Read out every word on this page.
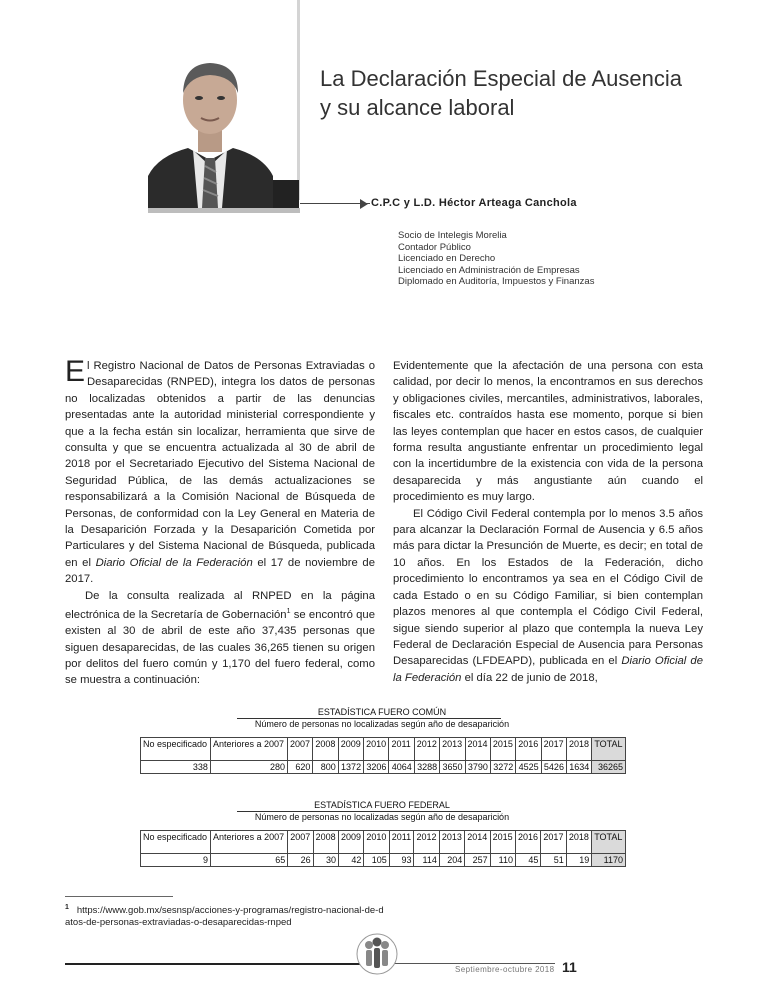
La Declaración Especial de Ausencia
y su alcance laboral
C.P.C y L.D. Héctor Arteaga Canchola
Socio de Intelegis Morelia
Contador Público
Licenciado en Derecho
Licenciado en Administración de Empresas
Diplomado en Auditoría, Impuestos y Finanzas

El Registro Nacional de Datos de Personas Extraviadas o Desaparecidas (RNPED), integra los datos de personas no localizadas obtenidos a partir de las denuncias presentadas ante la autoridad ministerial correspondiente y que a la fecha están sin localizar, herramienta que sirve de consulta y que se encuentra actualizada al 30 de abril de 2018 por el Secretariado Ejecutivo del Sistema Nacional de Seguridad Pública, de las demás actualizaciones se responsabilizará a la Comisión Nacional de Búsqueda de Personas, de conformidad con la Ley General en Materia de la Desaparición Forzada y la Desaparición Cometida por Particulares y del Sistema Nacional de Búsqueda, publicada en el Diario Oficial de la Federación el 17 de noviembre de 2017.

De la consulta realizada al RNPED en la página electrónica de la Secretaría de Gobernación$^1$ se encontró que existen al 30 de abril de este año 37,435 personas que siguen desaparecidas, de las cuales 36,265 tienen su origen por delitos del fuero común y 1,170 del fuero federal, como se muestra a continuación:

Evidentemente que la afectación de una persona con esta calidad, por decir lo menos, la encontramos en sus derechos y obligaciones civiles, mercantiles, administrativos, laborales, fiscales etc. contraídos hasta ese momento, porque si bien las leyes contemplan que hacer en estos casos, de cualquier forma resulta angustiante enfrentar un procedimiento legal con la incertidumbre de la existencia con vida de la persona desaparecida y más angustiante aún cuando el procedimiento es muy largo.

El Código Civil Federal contempla por lo menos 3.5 años para alcanzar la Declaración Formal de Ausencia y 6.5 años más para dictar la Presunción de Muerte, es decir; en total de 10 años. En los Estados de la Federación, dicho procedimiento lo encontramos ya sea en el Código Civil de cada Estado o en su Código Familiar, si bien contemplan plazos menores al que contempla el Código Civil Federal, sigue siendo superior al plazo que contempla la nueva Ley Federal de Declaración Especial de Ausencia para Personas Desaparecidas (LFDEAPD), publicada en el Diario Oficial de la Federación el día 22 de junio de 2018,

ESTADÍSTICA FUERO COMÚN
Número de personas no localizadas según año de desaparición
No especificado	Anteriores a 2007	2007	2008	2009	2010	2011	2012	2013	2014	2015	2016	2017	2018	TOTAL
338	280	620	800	1372	3206	4064	3288	3650	3790	3272	4525	5426	1634	36265
ESTADÍSTICA FUERO FEDERAL
Número de personas no localizadas según año de desaparición
No especificado	Anteriores a 2007	2007	2008	2009	2010	2011	2012	2013	2014	2015	2016	2017	2018	TOTAL
9	65	26	30	42	105	93	114	204	257	110	45	51	19	1170
$^1$ https://www.gob.mx/sesnsp/acciones-y-programas/registro-nacional-de-datos-de-personas-extraviadas-o-desaparecidas-rnped
Septiembre-octubre 2018 11
